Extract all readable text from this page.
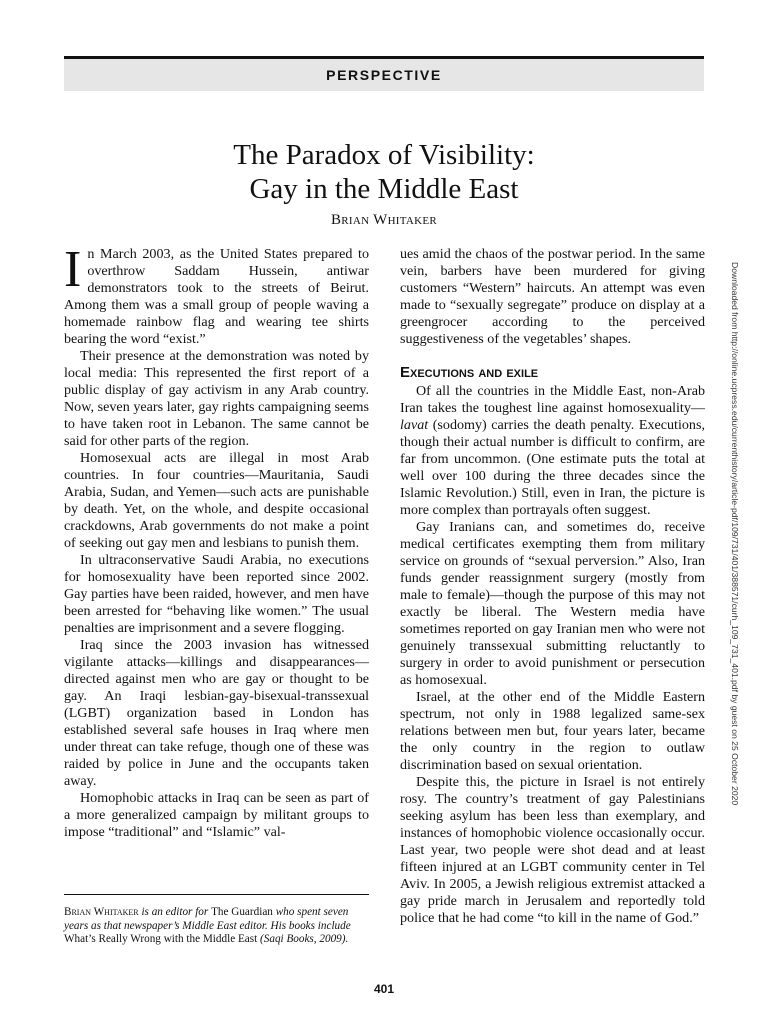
PERSPECTIVE
The Paradox of Visibility:
Gay in the Middle East
Brian Whitaker

In March 2003, as the United States prepared to overthrow Saddam Hussein, antiwar demonstrators took to the streets of Beirut. Among them was a small group of people waving a homemade rainbow flag and wearing tee shirts bearing the word “exist.”

Their presence at the demonstration was noted by local media: This represented the first report of a public display of gay activism in any Arab country. Now, seven years later, gay rights campaigning seems to have taken root in Lebanon. The same cannot be said for other parts of the region.

Homosexual acts are illegal in most Arab countries. In four countries—Mauritania, Saudi Arabia, Sudan, and Yemen—such acts are punishable by death. Yet, on the whole, and despite occasional crackdowns, Arab governments do not make a point of seeking out gay men and lesbians to punish them.

In ultraconservative Saudi Arabia, no executions for homosexuality have been reported since 2002. Gay parties have been raided, however, and men have been arrested for “behaving like women.” The usual penalties are imprisonment and a severe flogging.

Iraq since the 2003 invasion has witnessed vigilante attacks—killings and disappearances—directed against men who are gay or thought to be gay. An Iraqi lesbian-gay-bisexual-transsexual (LGBT) organization based in London has established several safe houses in Iraq where men under threat can take refuge, though one of these was raided by police in June and the occupants taken away.

Homophobic attacks in Iraq can be seen as part of a more generalized campaign by militant groups to impose “traditional” and “Islamic” val-

ues amid the chaos of the postwar period. In the same vein, barbers have been murdered for giving customers “Western” haircuts. An attempt was even made to “sexually segregate” produce on display at a greengrocer according to the perceived suggestiveness of the vegetables’ shapes.

Executions and exile

Of all the countries in the Middle East, non-Arab Iran takes the toughest line against homosexuality—lavat (sodomy) carries the death penalty. Executions, though their actual number is difficult to confirm, are far from uncommon. (One estimate puts the total at well over 100 during the three decades since the Islamic Revolution.) Still, even in Iran, the picture is more complex than portrayals often suggest.

Gay Iranians can, and sometimes do, receive medical certificates exempting them from military service on grounds of “sexual perversion.” Also, Iran funds gender reassignment surgery (mostly from male to female)—though the purpose of this may not exactly be liberal. The Western media have sometimes reported on gay Iranian men who were not genuinely transsexual submitting reluctantly to surgery in order to avoid punishment or persecution as homosexual.

Israel, at the other end of the Middle Eastern spectrum, not only in 1988 legalized same-sex relations between men but, four years later, became the only country in the region to outlaw discrimination based on sexual orientation.

Despite this, the picture in Israel is not entirely rosy. The country’s treatment of gay Palestinians seeking asylum has been less than exemplary, and instances of homophobic violence occasionally occur. Last year, two people were shot dead and at least fifteen injured at an LGBT community center in Tel Aviv. In 2005, a Jewish religious extremist attacked a gay pride march in Jerusalem and reportedly told police that he had come “to kill in the name of God.”

Brian Whitaker is an editor for The Guardian who spent seven years as that newspaper’s Middle East editor. His books include What’s Really Wrong with the Middle East (Saqi Books, 2009).
401
Downloaded from http://online.ucpress.edu/currenthistory/article-pdf/109/731/401/388571/curh_109_731_401.pdf by guest on 25 October 2020
